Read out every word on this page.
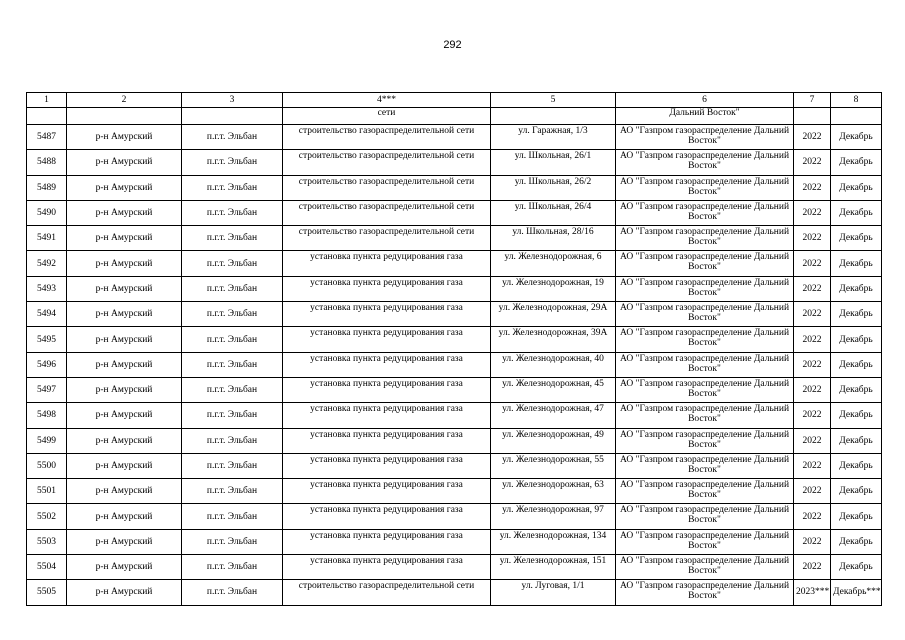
292
1	2	3	4***	5	6	7	8
			сети		Дальний Восток"		
5487	р-н Амурский	п.г.т. Эльбан	строительство газораспределительной сети	ул. Гаражная, 1/3	АО "Газпром газораспределение Дальний Восток"	2022	Декабрь
5488	р-н Амурский	п.г.т. Эльбан	строительство газораспределительной сети	ул. Школьная, 26/1	АО "Газпром газораспределение Дальний Восток"	2022	Декабрь
5489	р-н Амурский	п.г.т. Эльбан	строительство газораспределительной сети	ул. Школьная, 26/2	АО "Газпром газораспределение Дальний Восток"	2022	Декабрь
5490	р-н Амурский	п.г.т. Эльбан	строительство газораспределительной сети	ул. Школьная, 26/4	АО "Газпром газораспределение Дальний Восток"	2022	Декабрь
5491	р-н Амурский	п.г.т. Эльбан	строительство газораспределительной сети	ул. Школьная, 28/16	АО "Газпром газораспределение Дальний Восток"	2022	Декабрь
5492	р-н Амурский	п.г.т. Эльбан	установка пункта редуцирования газа	ул. Железнодорожная, 6	АО "Газпром газораспределение Дальний Восток"	2022	Декабрь
5493	р-н Амурский	п.г.т. Эльбан	установка пункта редуцирования газа	ул. Железнодорожная, 19	АО "Газпром газораспределение Дальний Восток"	2022	Декабрь
5494	р-н Амурский	п.г.т. Эльбан	установка пункта редуцирования газа	ул. Железнодорожная, 29А	АО "Газпром газораспределение Дальний Восток"	2022	Декабрь
5495	р-н Амурский	п.г.т. Эльбан	установка пункта редуцирования газа	ул. Железнодорожная, 39А	АО "Газпром газораспределение Дальний Восток"	2022	Декабрь
5496	р-н Амурский	п.г.т. Эльбан	установка пункта редуцирования газа	ул. Железнодорожная, 40	АО "Газпром газораспределение Дальний Восток"	2022	Декабрь
5497	р-н Амурский	п.г.т. Эльбан	установка пункта редуцирования газа	ул. Железнодорожная, 45	АО "Газпром газораспределение Дальний Восток"	2022	Декабрь
5498	р-н Амурский	п.г.т. Эльбан	установка пункта редуцирования газа	ул. Железнодорожная, 47	АО "Газпром газораспределение Дальний Восток"	2022	Декабрь
5499	р-н Амурский	п.г.т. Эльбан	установка пункта редуцирования газа	ул. Железнодорожная, 49	АО "Газпром газораспределение Дальний Восток"	2022	Декабрь
5500	р-н Амурский	п.г.т. Эльбан	установка пункта редуцирования газа	ул. Железнодорожная, 55	АО "Газпром газораспределение Дальний Восток"	2022	Декабрь
5501	р-н Амурский	п.г.т. Эльбан	установка пункта редуцирования газа	ул. Железнодорожная, 63	АО "Газпром газораспределение Дальний Восток"	2022	Декабрь
5502	р-н Амурский	п.г.т. Эльбан	установка пункта редуцирования газа	ул. Железнодорожная, 97	АО "Газпром газораспределение Дальний Восток"	2022	Декабрь
5503	р-н Амурский	п.г.т. Эльбан	установка пункта редуцирования газа	ул. Железнодорожная, 134	АО "Газпром газораспределение Дальний Восток"	2022	Декабрь
5504	р-н Амурский	п.г.т. Эльбан	установка пункта редуцирования газа	ул. Железнодорожная, 151	АО "Газпром газораспределение Дальний Восток"	2022	Декабрь
5505	р-н Амурский	п.г.т. Эльбан	строительство газораспределительной сети	ул. Луговая, 1/1	АО "Газпром газораспределение Дальний Восток"	2023***	Декабрь***
